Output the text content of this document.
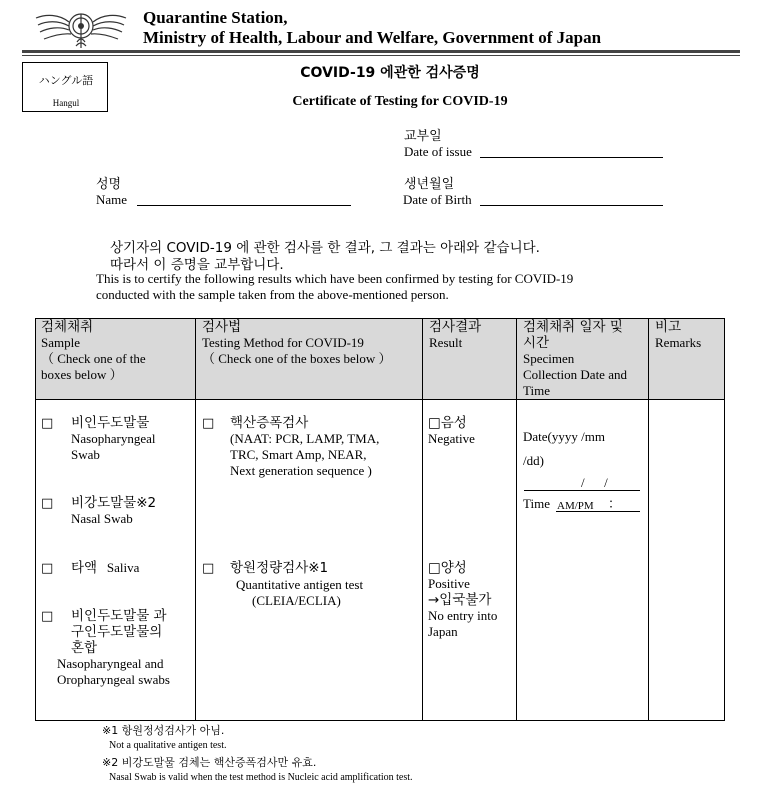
Quarantine Station,
Ministry of Health, Labour and Welfare, Government of Japan
ハングル語
Hangul
COVID-19 에관한 검사증명
Certificate of Testing for COVID-19
교부일
Date of issue
성명
Name
생년월일
Date of Birth
상기자의 COVID-19 에 관한 검사를 한 결과, 그 결과는 아래와 같습니다.
따라서 이 증명을 교부합니다.
This is to certify the following results which have been confirmed by testing for COVID-19
conducted with the sample taken from the above-mentioned person.
검체채취
Sample
（ Check one of the
boxes below ）
검사법
Testing Method for COVID-19
（ Check one of the boxes below ）
검사결과
Result
검체채취 일자 및
시간
Specimen
Collection Date and
Time
비고
Remarks
□ 비인두도말물
Nasopharyngeal
Swab
□ 비강도말물※2
Nasal Swab
□ 타액 Saliva
□ 비인두도말물 과
구인두도말물의
혼합
Nasopharyngeal and
Oropharyngeal swabs
□ 핵산증폭검사
(NAAT: PCR, LAMP, TMA,
TRC, Smart Amp, NEAR,
Next generation sequence )
□ 항원정량검사※1
Quantitative antigen test
(CLEIA/ECLIA)
□음성
Negative
□양성
Positive
→입국불가
No entry into
Japan
Date(yyyy /mm
/dd)
/      /
Time AM/PM ：
※1 항원정성검사가 아님.
Not a qualitative antigen test.
※2 비강도말물 검체는 핵산증폭검사만 유효.
Nasal Swab is valid when the test method is Nucleic acid amplification test.
